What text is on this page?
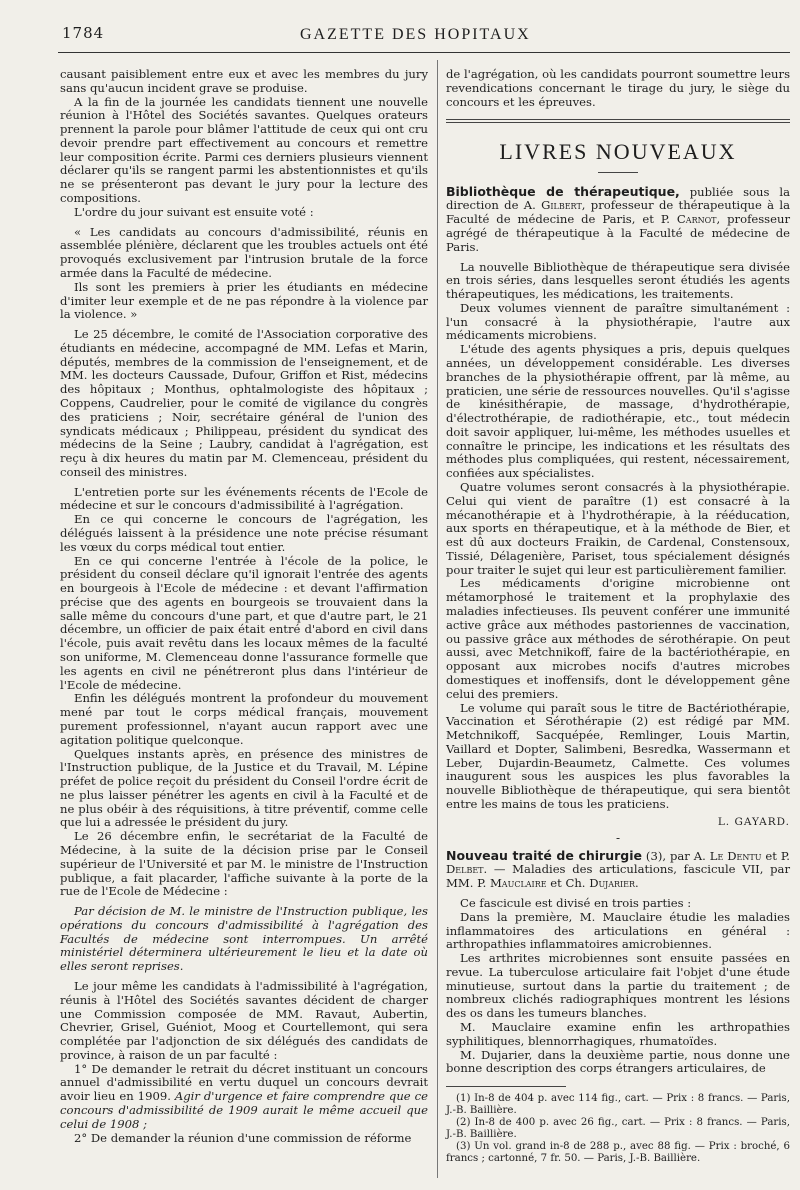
1784	GAZETTE DES HOPITAUX

causant paisiblement entre eux et avec les membres du jury sans qu'aucun incident grave se produise.

A la fin de la journée les candidats tiennent une nouvelle réunion à l'Hôtel des Sociétés savantes. Quelques orateurs prennent la parole pour blâmer l'attitude de ceux qui ont cru devoir prendre part effectivement au concours et remettre leur composition écrite. Parmi ces derniers plusieurs viennent déclarer qu'ils se rangent parmi les abstentionnistes et qu'ils ne se présenteront pas devant le jury pour la lecture des compositions.

L'ordre du jour suivant est ensuite voté :

« Les candidats au concours d'admissibilité, réunis en assemblée plénière, déclarent que les troubles actuels ont été provoqués exclusivement par l'intrusion brutale de la force armée dans la Faculté de médecine.

Ils sont les premiers à prier les étudiants en médecine d'imiter leur exemple et de ne pas répondre à la violence par la violence. »

Le 25 décembre, le comité de l'Association corporative des étudiants en médecine, accompagné de MM. Lefas et Marin, députés, membres de la commission de l'enseignement, et de MM. les docteurs Caussade, Dufour, Griffon et Rist, médecins des hôpitaux ; Monthus, ophtalmologiste des hôpitaux ; Coppens, Caudrelier, pour le comité de vigilance du congrès des praticiens ; Noir, secrétaire général de l'union des syndicats médicaux ; Philippeau, président du syndicat des médecins de la Seine ; Laubry, candidat à l'agrégation, est reçu à dix heures du matin par M. Clemenceau, président du conseil des ministres.

L'entretien porte sur les événements récents de l'Ecole de médecine et sur le concours d'admissibilité à l'agrégation.

En ce qui concerne le concours de l'agrégation, les délégués laissent à la présidence une note précise résumant les vœux du corps médical tout entier.

En ce qui concerne l'entrée à l'école de la police, le président du conseil déclare qu'il ignorait l'entrée des agents en bourgeois à l'Ecole de médecine : et devant l'affirmation précise que des agents en bourgeois se trouvaient dans la salle même du concours d'une part, et que d'autre part, le 21 décembre, un officier de paix était entré d'abord en civil dans l'école, puis avait revêtu dans les locaux mêmes de la faculté son uniforme, M. Clemenceau donne l'assurance formelle que les agents en civil ne pénétreront plus dans l'intérieur de l'Ecole de médecine.

Enfin les délégués montrent la profondeur du mouvement mené par tout le corps médical français, mouvement purement professionnel, n'ayant aucun rapport avec une agitation politique quelconque.

Quelques instants après, en présence des ministres de l'Instruction publique, de la Justice et du Travail, M. Lépine préfet de police reçoit du président du Conseil l'ordre écrit de ne plus laisser pénétrer les agents en civil à la Faculté et de ne plus obéir à des réquisitions, à titre préventif, comme celle que lui a adressée le président du jury.

Le 26 décembre enfin, le secrétariat de la Faculté de Médecine, à la suite de la décision prise par le Conseil supérieur de l'Université et par M. le ministre de l'Instruction publique, a fait placarder, l'affiche suivante à la porte de la rue de l'Ecole de Médecine :

Par décision de M. le ministre de l'Instruction publique, les opérations du concours d'admissibilité à l'agrégation des Facultés de médecine sont interrompues. Un arrêté ministériel déterminera ultérieurement le lieu et la date où elles seront reprises.

Le jour même les candidats à l'admissibilité à l'agrégation, réunis à l'Hôtel des Sociétés savantes décident de charger une Commission composée de MM. Ravaut, Aubertin, Chevrier, Grisel, Guéniot, Moog et Courtellemont, qui sera complétée par l'adjonction de six délégués des candidats de province, à raison de un par faculté :

1° De demander le retrait du décret instituant un concours annuel d'admissibilité en vertu duquel un concours devrait avoir lieu en 1909. Agir d'urgence et faire comprendre que ce concours d'admissibilité de 1909 aurait le même accueil que celui de 1908 ;

2° De demander la réunion d'une commission de réforme

de l'agrégation, où les candidats pourront soumettre leurs revendications concernant le tirage du jury, le siège du concours et les épreuves.

LIVRES NOUVEAUX

Bibliothèque de thérapeutique, publiée sous la direction de A. Gilbert, professeur de thérapeutique à la Faculté de médecine de Paris, et P. Carnot, professeur agrégé de thérapeutique à la Faculté de médecine de Paris.

La nouvelle Bibliothèque de thérapeutique sera divisée en trois séries, dans lesquelles seront étudiés les agents thérapeutiques, les médications, les traitements.

Deux volumes viennent de paraître simultanément : l'un consacré à la physiothérapie, l'autre aux médicaments microbiens.

L'étude des agents physiques a pris, depuis quelques années, un développement considérable. Les diverses branches de la physiothérapie offrent, par là même, au praticien, une série de ressources nouvelles. Qu'il s'agisse de kinésithérapie, de massage, d'hydrothérapie, d'électrothérapie, de radiothérapie, etc., tout médecin doit savoir appliquer, lui-même, les méthodes usuelles et connaître le principe, les indications et les résultats des méthodes plus compliquées, qui restent, nécessairement, confiées aux spécialistes.

Quatre volumes seront consacrés à la physiothérapie. Celui qui vient de paraître (1) est consacré à la mécanothérapie et à l'hydrothérapie, à la rééducation, aux sports en thérapeutique, et à la méthode de Bier, et est dû aux docteurs Fraikin, de Cardenal, Constensoux, Tissié, Délagenière, Pariset, tous spécialement désignés pour traiter le sujet qui leur est particulièrement familier.

Les médicaments d'origine microbienne ont métamorphosé le traitement et la prophylaxie des maladies infectieuses. Ils peuvent conférer une immunité active grâce aux méthodes pastoriennes de vaccination, ou passive grâce aux méthodes de sérothérapie. On peut aussi, avec Metchnikoff, faire de la bactériothérapie, en opposant aux microbes nocifs d'autres microbes domestiques et inoffensifs, dont le développement gêne celui des premiers.

Le volume qui paraît sous le titre de Bactériothérapie, Vaccination et Sérothérapie (2) est rédigé par MM. Metchnikoff, Sacquépée, Remlinger, Louis Martin, Vaillard et Dopter, Salimbeni, Besredka, Wassermann et Leber, Dujardin-Beaumetz, Calmette. Ces volumes inaugurent sous les auspices les plus favorables la nouvelle Bibliothèque de thérapeutique, qui sera bientôt entre les mains de tous les praticiens.

L. GAYARD.
-

Nouveau traité de chirurgie (3), par A. Le Dentu et P. Delbet. — Maladies des articulations, fascicule VII, par MM. P. Mauclaire et Ch. Dujarier.

Ce fascicule est divisé en trois parties :

Dans la première, M. Mauclaire étudie les maladies inflammatoires des articulations en général : arthropathies inflammatoires amicrobiennes.

Les arthrites microbiennes sont ensuite passées en revue. La tuberculose articulaire fait l'objet d'une étude minutieuse, surtout dans la partie du traitement ; de nombreux clichés radiographiques montrent les lésions des os dans les tumeurs blanches.

M. Mauclaire examine enfin les arthropathies syphilitiques, blennorrhagiques, rhumatoïdes.

M. Dujarier, dans la deuxième partie, nous donne une bonne description des corps étrangers articulaires, de

(1) In-8 de 404 p. avec 114 fig., cart. — Prix : 8 francs. — Paris, J.-B. Baillière.

(2) In-8 de 400 p. avec 26 fig., cart. — Prix : 8 francs. — Paris, J.-B. Baillière.

(3) Un vol. grand in-8 de 288 p., avec 88 fig. — Prix : broché, 6 francs ; cartonné, 7 fr. 50. — Paris, J.-B. Baillière.
